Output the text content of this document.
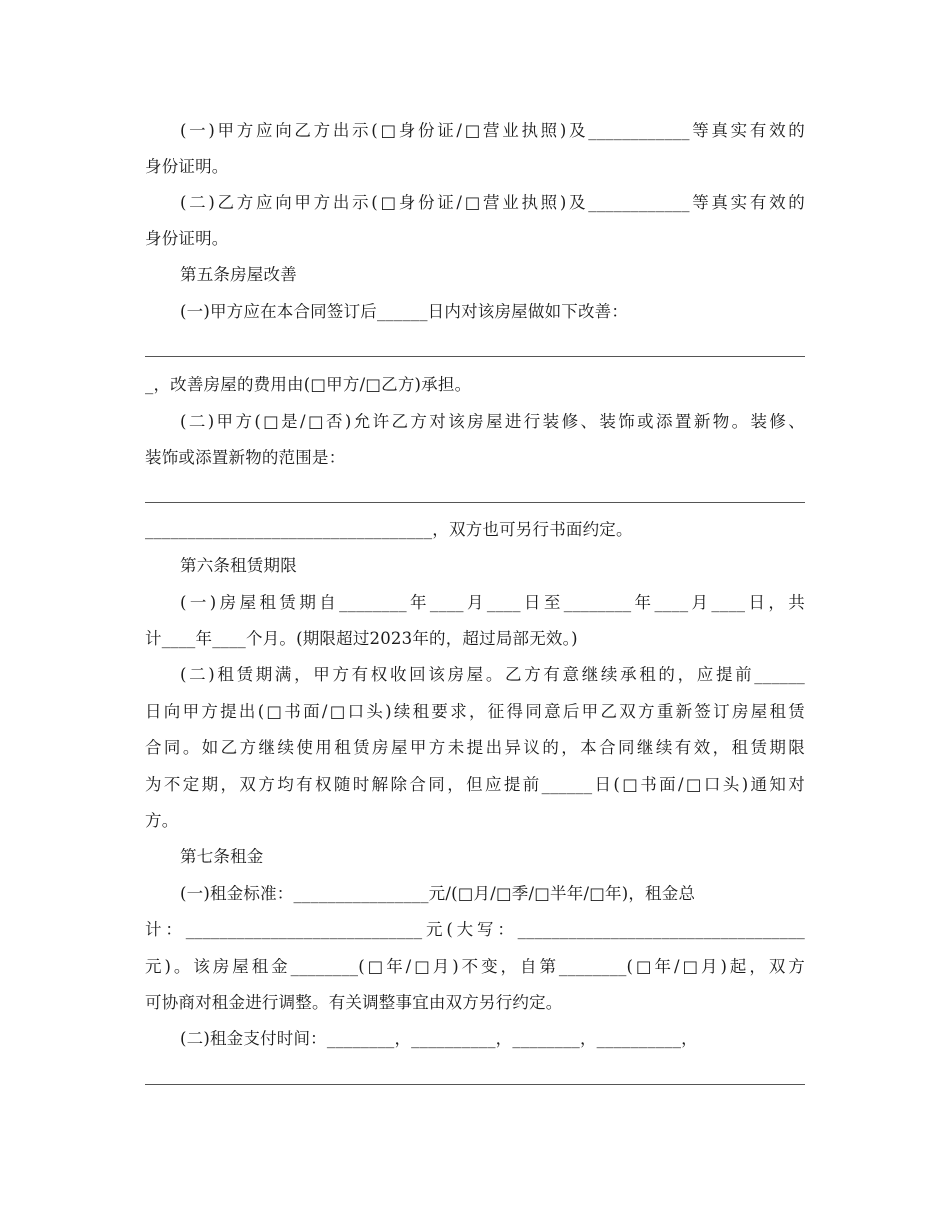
(一)甲方应向乙方出示(□身份证/□营业执照)及____________等真实有效的
身份证明。
(二)乙方应向甲方出示(□身份证/□营业执照)及____________等真实有效的
身份证明。
第五条房屋改善
(一)甲方应在本合同签订后______日内对该房屋做如下改善：
_，改善房屋的费用由(□甲方/□乙方)承担。
(二)甲方(□是/□否)允许乙方对该房屋进行装修、装饰或添置新物。装修、
装饰或添置新物的范围是：
__________________________________，双方也可另行书面约定。
第六条租赁期限
(一)房屋租赁期自________年____月____日至________年____月____日，共
计____年____个月。(期限超过2023年的，超过局部无效。)
(二)租赁期满，甲方有权收回该房屋。乙方有意继续承租的，应提前______
日向甲方提出(□书面/□口头)续租要求，征得同意后甲乙双方重新签订房屋租赁
合同。如乙方继续使用租赁房屋甲方未提出异议的，本合同继续有效，租赁期限
为不定期，双方均有权随时解除合同，但应提前______日(□书面/□口头)通知对
方。
第七条租金
(一)租金标准：________________元/(□月/□季/□半年/□年)，租金总
计：____________________________元(大写：__________________________________
元)。该房屋租金________(□年/□月)不变，自第________(□年/□月)起，双方
可协商对租金进行调整。有关调整事宜由双方另行约定。
(二)租金支付时间：________，__________，________，__________，
